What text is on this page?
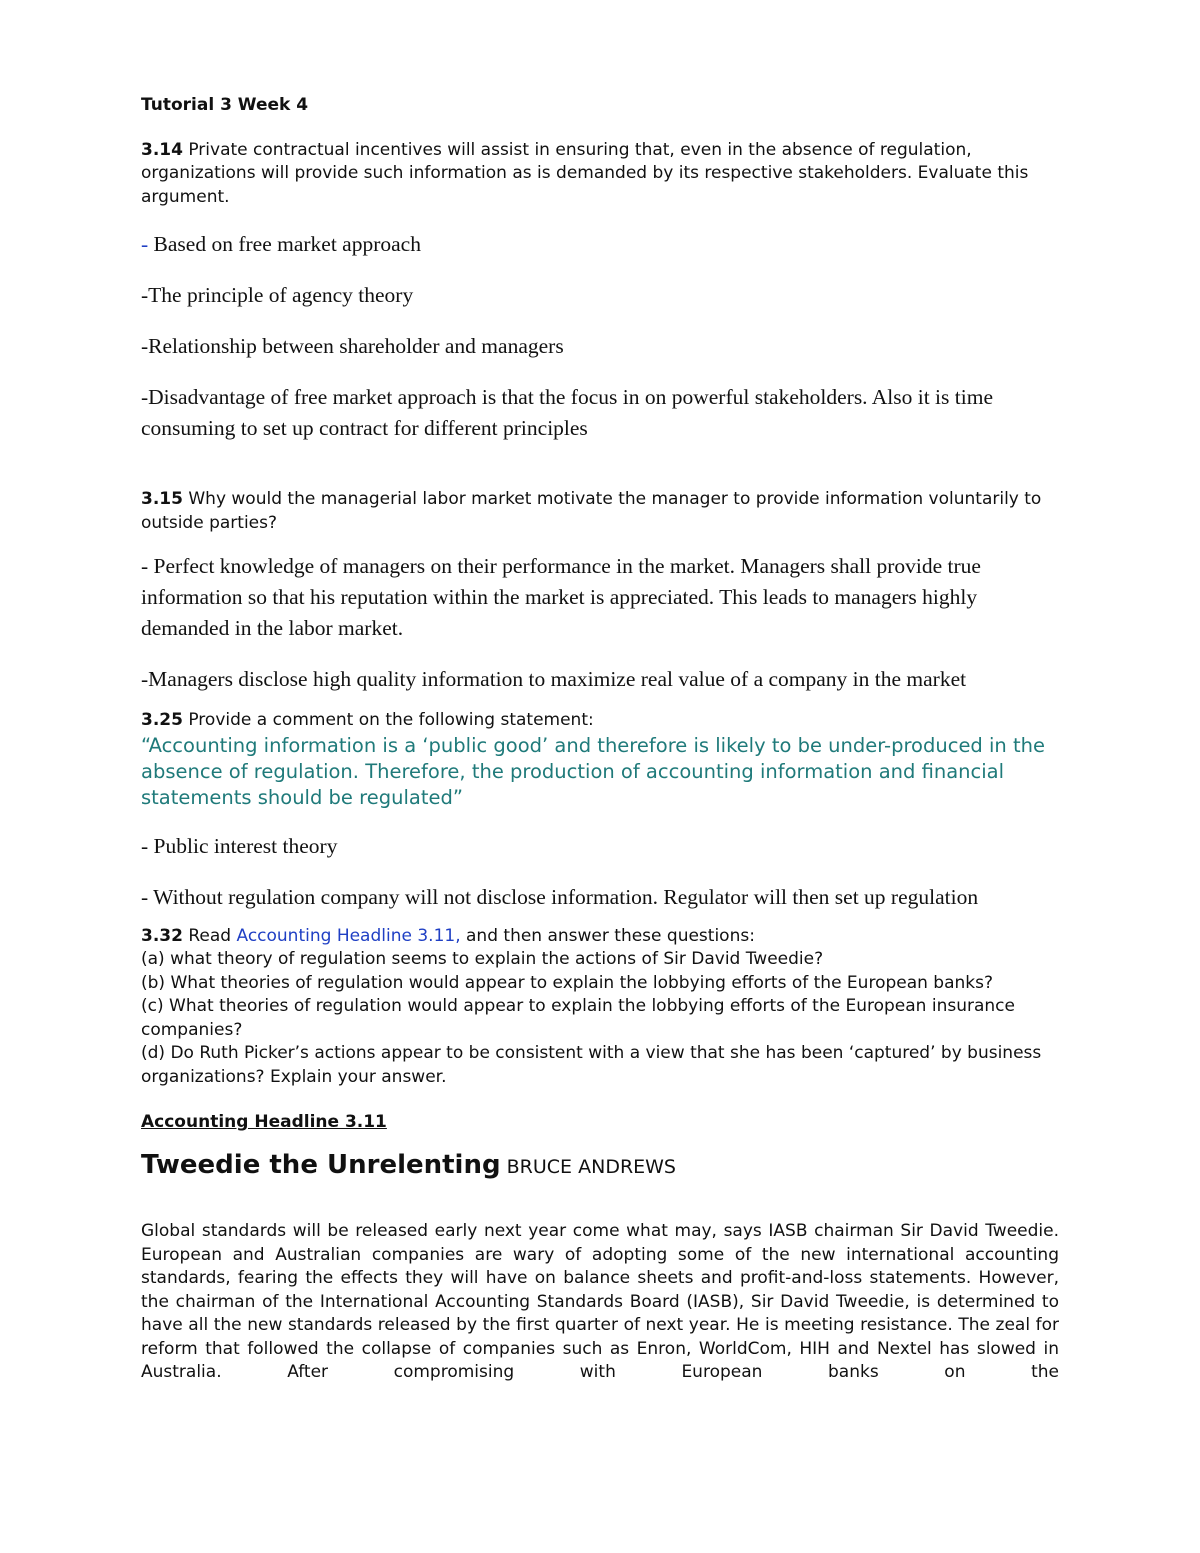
Tutorial 3 Week 4

3.14 Private contractual incentives will assist in ensuring that, even in the absence of regulation, organizations will provide such information as is demanded by its respective stakeholders. Evaluate this argument.

- Based on free market approach

-The principle of agency theory

-Relationship between shareholder and managers

-Disadvantage of free market approach is that the focus in on powerful stakeholders. Also it is time consuming to set up contract for different principles

3.15 Why would the managerial labor market motivate the manager to provide information voluntarily to outside parties?

- Perfect knowledge of managers on their performance in the market. Managers shall provide true information so that his reputation within the market is appreciated. This leads to managers highly demanded in the labor market.

-Managers disclose high quality information to maximize real value of a company in the market

3.25 Provide a comment on the following statement:

“Accounting information is a ‘public good’ and therefore is likely to be under-produced in the absence of regulation. Therefore, the production of accounting information and financial statements should be regulated”

- Public interest theory

- Without regulation company will not disclose information. Regulator will then set up regulation

3.32 Read Accounting Headline 3.11, and then answer these questions:

(a) what theory of regulation seems to explain the actions of Sir David Tweedie?

(b) What theories of regulation would appear to explain the lobbying efforts of the European banks?

(c) What theories of regulation would appear to explain the lobbying efforts of the European insurance companies?

(d) Do Ruth Picker’s actions appear to be consistent with a view that she has been ‘captured’ by business organizations? Explain your answer.

Accounting Headline 3.11

Tweedie the Unrelenting BRUCE ANDREWS

Global standards will be released early next year come what may, says IASB chairman Sir David Tweedie. European and Australian companies are wary of adopting some of the new international accounting standards, fearing the effects they will have on balance sheets and profit-and-loss statements. However, the chairman of the International Accounting Standards Board (IASB), Sir David Tweedie, is determined to have all the new standards released by the first quarter of next year. He is meeting resistance. The zeal for reform that followed the collapse of companies such as Enron, WorldCom, HIH and Nextel has slowed in Australia. After compromising with European banks on the
